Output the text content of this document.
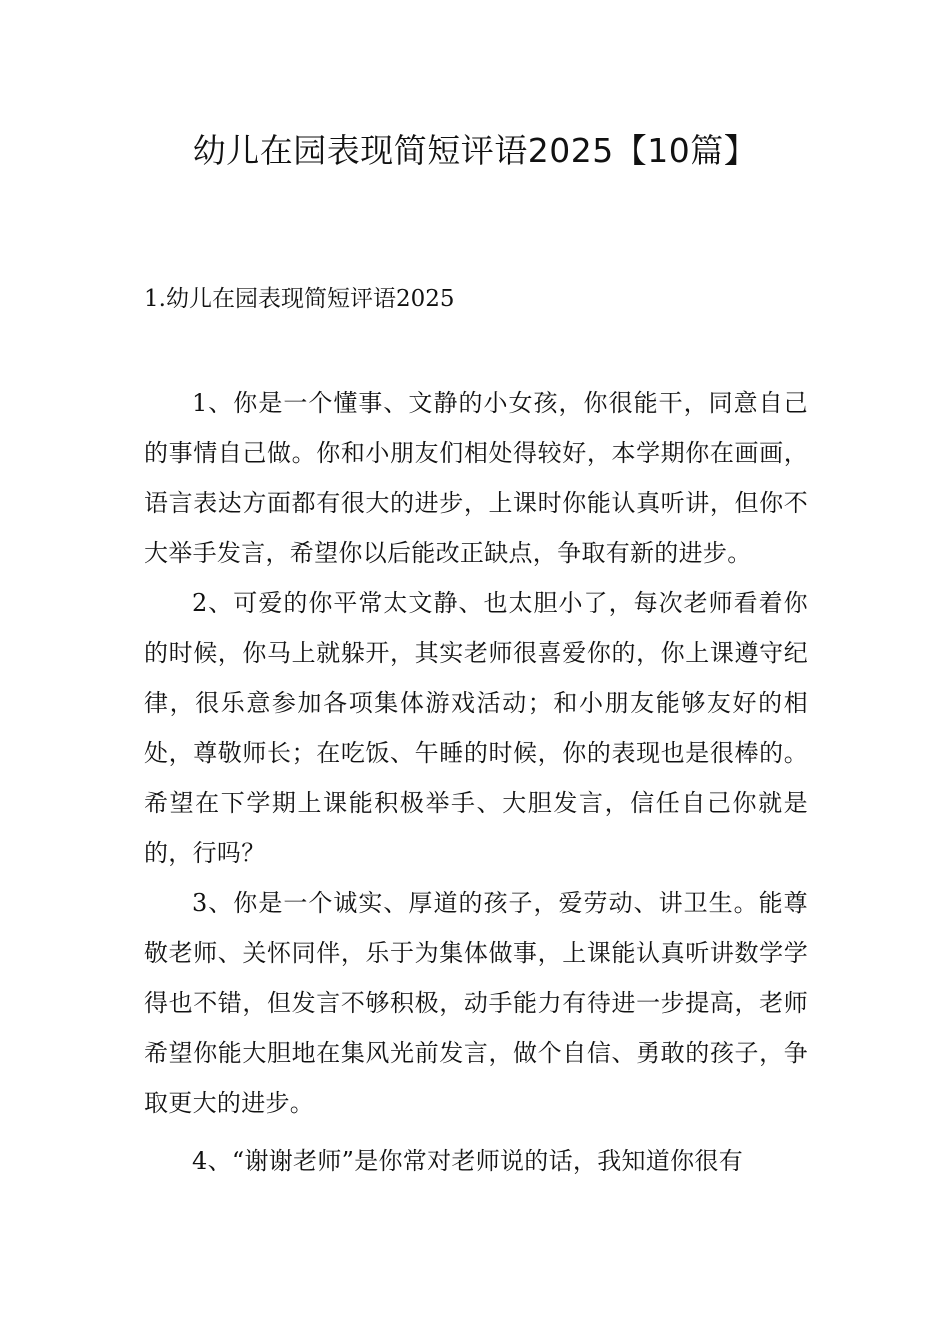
幼儿在园表现简短评语2025【10篇】
1.幼儿在园表现简短评语2025

1、你是一个懂事、文静的小女孩，你很能干，同意自己的事情自己做。你和小朋友们相处得较好，本学期你在画画，语言表达方面都有很大的进步，上课时你能认真听讲，但你不大举手发言，希望你以后能改正缺点，争取有新的进步。

2、可爱的你平常太文静、也太胆小了，每次老师看着你的时候，你马上就躲开，其实老师很喜爱你的，你上课遵守纪律，很乐意参加各项集体游戏活动；和小朋友能够友好的相处，尊敬师长；在吃饭、午睡的时候，你的表现也是很棒的。希望在下学期上课能积极举手、大胆发言，信任自己你就是的，行吗？

3、你是一个诚实、厚道的孩子，爱劳动、讲卫生。能尊敬老师、关怀同伴，乐于为集体做事，上课能认真听讲数学学得也不错，但发言不够积极，动手能力有待进一步提高，老师希望你能大胆地在集风光前发言，做个自信、勇敢的孩子，争取更大的进步。

4、“谢谢老师”是你常对老师说的话，我知道你很有
